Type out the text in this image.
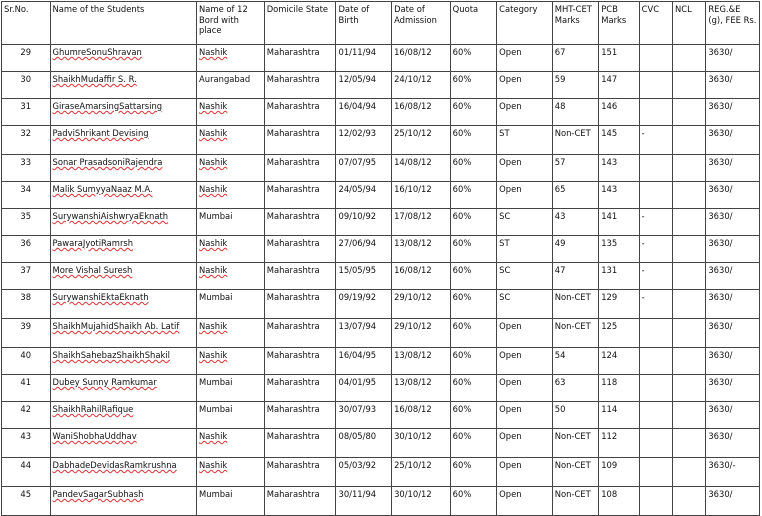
Sr.No.	Name of the Students	Name of 12 Bord with place	Domicile State	Date of Birth	Date of Admission	Quota	Category	MHT-CET Marks	PCB Marks	CVC	NCL	REG.&E (g), FEE Rs.
29	GhumreSonuShravan	Nashik	Maharashtra	01/11/94	16/08/12	60%	Open	67	151			3630/
30	ShaikhMudaffir S. R.	Aurangabad	Maharashtra	12/05/94	24/10/12	60%	Open	59	147			3630/
31	GiraseAmarsingSattarsing	Nashik	Maharashtra	16/04/94	16/08/12	60%	Open	48	146			3630/
32	PadviShrikant Devising	Nashik	Maharashtra	12/02/93	25/10/12	60%	ST	Non-CET	145	-		3630/
33	Sonar PrasadsoniRajendra	Nashik	Maharashtra	07/07/95	14/08/12	60%	Open	57	143			3630/
34	Malik SumyyaNaaz M.A.	Nashik	Maharashtra	24/05/94	16/10/12	60%	Open	65	143			3630/
35	SurywanshiAishwryaEknath	Mumbai	Maharashtra	09/10/92	17/08/12	60%	SC	43	141	-		3630/
36	PawaraJyotiRamrsh	Nashik	Maharashtra	27/06/94	13/08/12	60%	ST	49	135	-		3630/
37	More Vishal Suresh	Nashik	Maharashtra	15/05/95	16/08/12	60%	SC	47	131	-		3630/
38	SurywanshiEktaEknath	Mumbai	Maharashtra	09/19/92	29/10/12	60%	SC	Non-CET	129	-		3630/
39	ShaikhMujahidShaikh Ab. Latif	Nashik	Maharashtra	13/07/94	29/10/12	60%	Open	Non-CET	125			3630/
40	ShaikhSahebazShaikhShakil	Nashik	Maharashtra	16/04/95	13/08/12	60%	Open	54	124			3630/
41	Dubey Sunny Ramkumar	Mumbai	Maharashtra	04/01/95	13/08/12	60%	Open	63	118			3630/
42	ShaikhRahilRafique	Mumbai	Maharashtra	30/07/93	16/08/12	60%	Open	50	114			3630/
43	WaniShobhaUddhav	Nashik	Maharashtra	08/05/80	30/10/12	60%	Open	Non-CET	112			3630/
44	DabhadeDevidasRamkrushna	Nashik	Maharashtra	05/03/92	25/10/12	60%	Open	Non-CET	109			3630/-
45	PandevSagarSubhash	Mumbai	Maharashtra	30/11/94	30/10/12	60%	Open	Non-CET	108			3630/
